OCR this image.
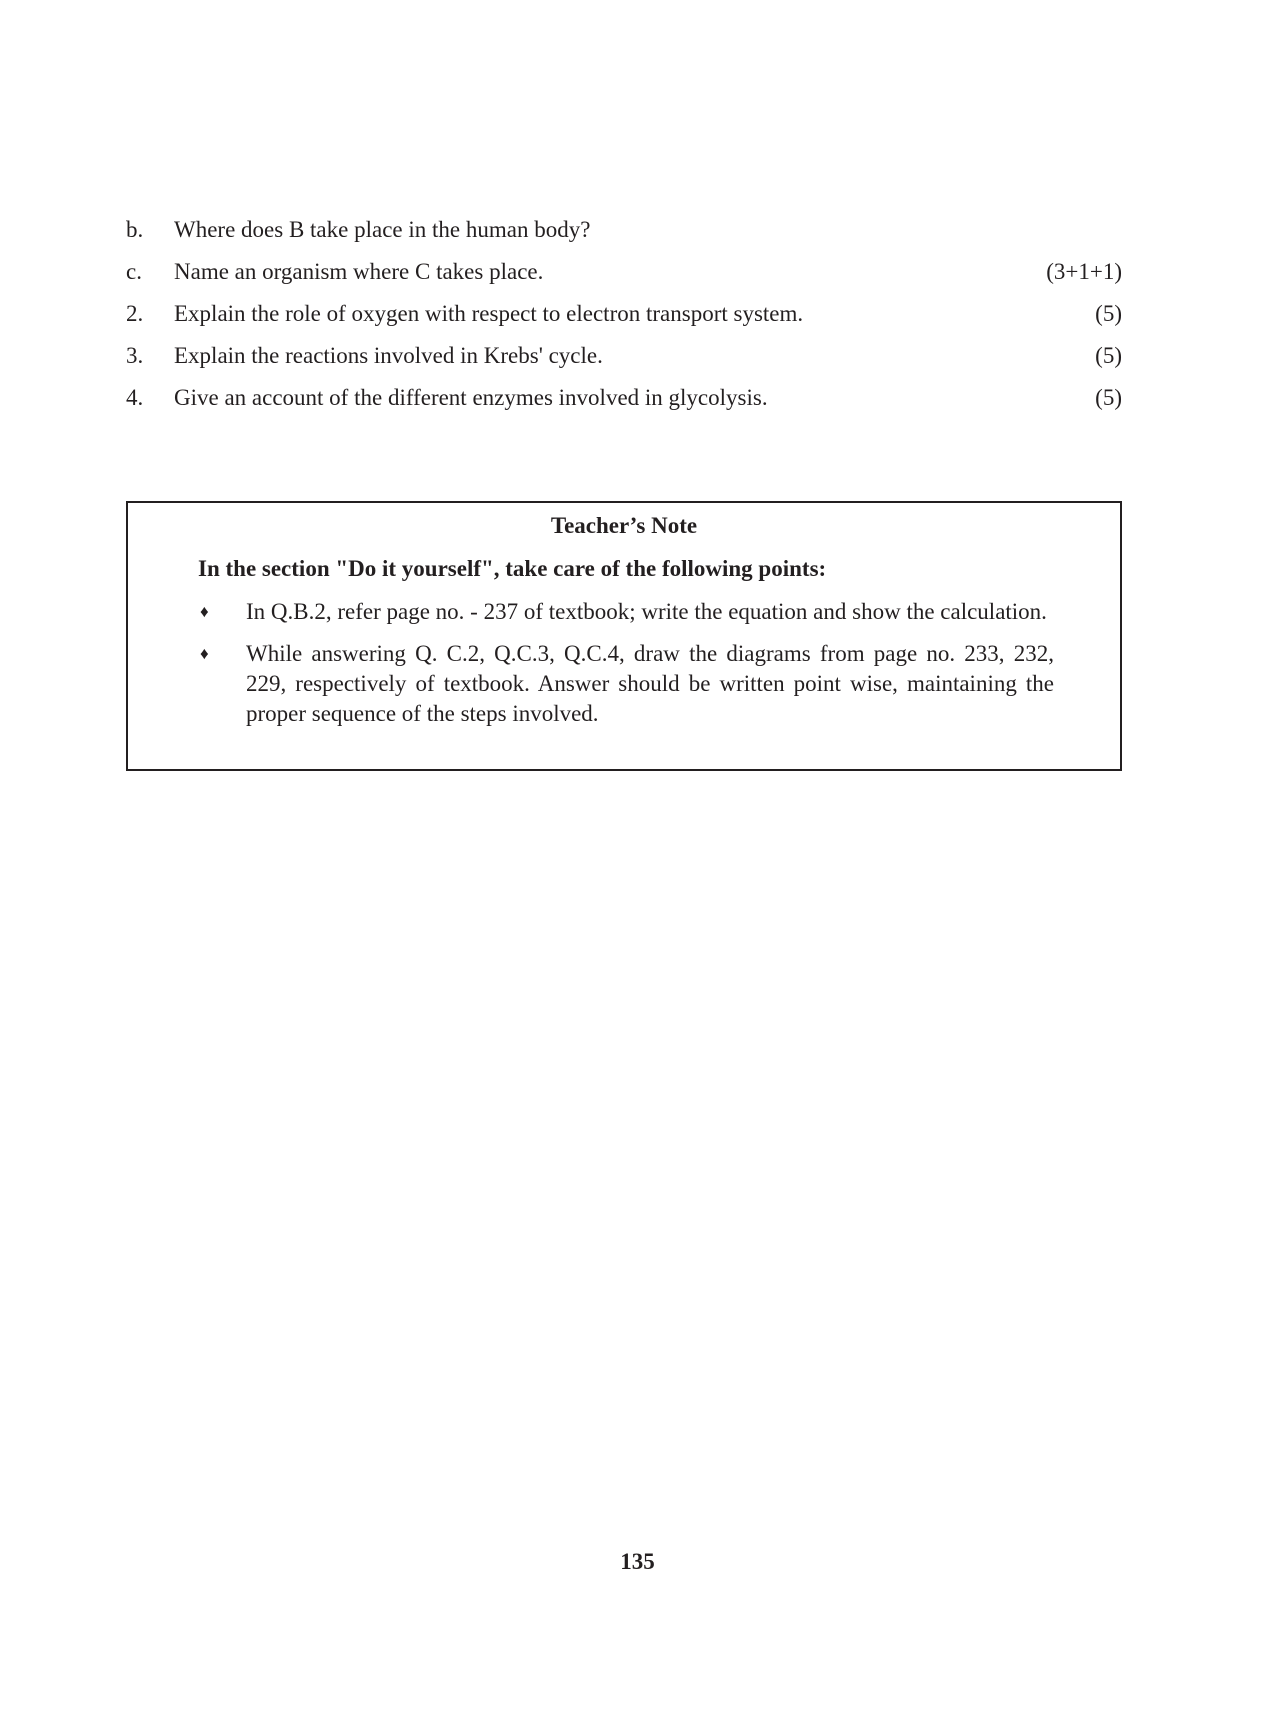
b. Where does B take place in the human body?
c. Name an organism where C takes place.	(3+1+1)
2. Explain the role of oxygen with respect to electron transport system.	(5)
3. Explain the reactions involved in Krebs' cycle.	(5)
4. Give an account of the different enzymes involved in glycolysis.	(5)
Teacher’s Note
In the section "Do it yourself", take care of the following points:
♦ In Q.B.2, refer page no. - 237 of textbook; write the equation and show the calculation.
♦ While answering Q. C.2, Q.C.3, Q.C.4, draw the diagrams from page no. 233, 232, 229, respectively of textbook. Answer should be written point wise, maintaining the proper sequence of the steps involved.
135
